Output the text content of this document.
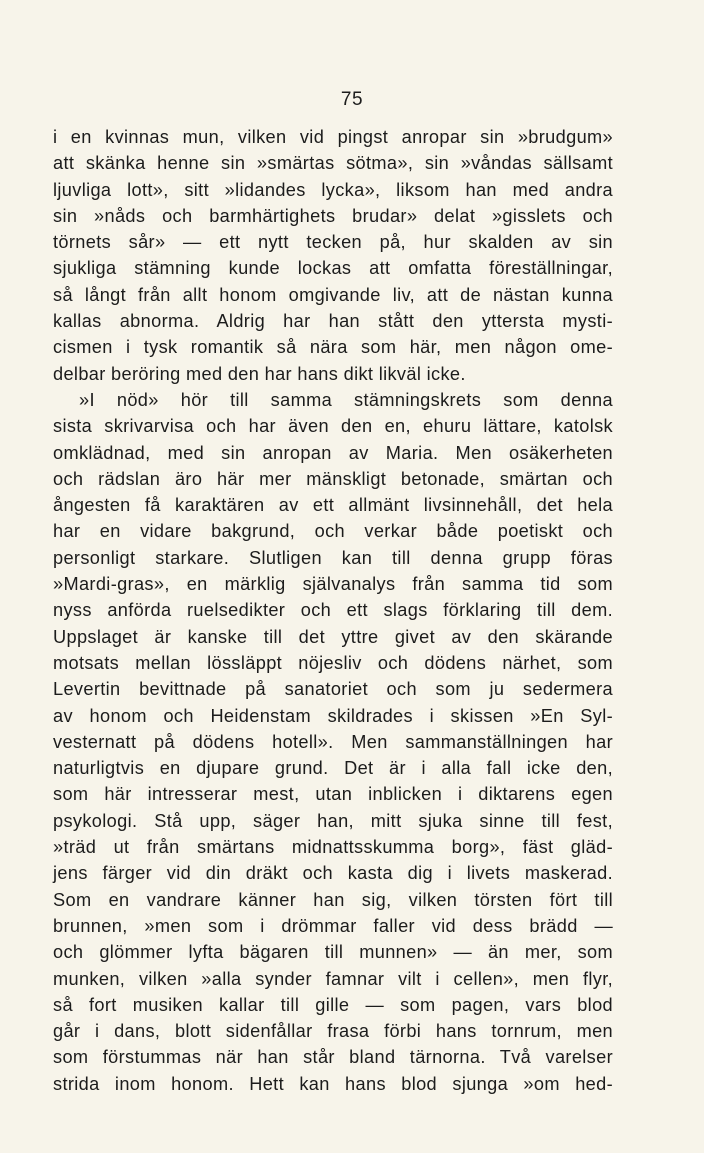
75
i en kvinnas mun, vilken vid pingst anropar sin »brudgum»
att skänka henne sin »smärtas sötma», sin »våndas sällsamt
ljuvliga lott», sitt »lidandes lycka», liksom han med andra
sin »nåds och barmhärtighets brudar» delat »gisslets och
törnets sår» — ett nytt tecken på, hur skalden av sin
sjukliga stämning kunde lockas att omfatta föreställningar,
så långt från allt honom omgivande liv, att de nästan kunna
kallas abnorma. Aldrig har han stått den yttersta mysti-
cismen i tysk romantik så nära som här, men någon ome-
delbar beröring med den har hans dikt likväl icke.
»I nöd» hör till samma stämningskrets som denna
sista skrivarvisa och har även den en, ehuru lättare, katolsk
omklädnad, med sin anropan av Maria. Men osäkerheten
och rädslan äro här mer mänskligt betonade, smärtan och
ångesten få karaktären av ett allmänt livsinnehåll, det hela
har en vidare bakgrund, och verkar både poetiskt och
personligt starkare. Slutligen kan till denna grupp föras
»Mardi-gras», en märklig självanalys från samma tid som
nyss anförda ruelsedikter och ett slags förklaring till dem.
Uppslaget är kanske till det yttre givet av den skärande
motsats mellan lössläppt nöjesliv och dödens närhet, som
Levertin bevittnade på sanatoriet och som ju sedermera
av honom och Heidenstam skildrades i skissen »En Syl-
vesternatt på dödens hotell». Men sammanställningen har
naturligtvis en djupare grund. Det är i alla fall icke den,
som här intresserar mest, utan inblicken i diktarens egen
psykologi. Stå upp, säger han, mitt sjuka sinne till fest,
»träd ut från smärtans midnattsskumma borg», fäst gläd-
jens färger vid din dräkt och kasta dig i livets maskerad.
Som en vandrare känner han sig, vilken törsten fört till
brunnen, »men som i drömmar faller vid dess brädd —
och glömmer lyfta bägaren till munnen» — än mer, som
munken, vilken »alla synder famnar vilt i cellen», men flyr,
så fort musiken kallar till gille — som pagen, vars blod
går i dans, blott sidenfållar frasa förbi hans tornrum, men
som förstummas när han står bland tärnorna. Två varelser
strida inom honom. Hett kan hans blod sjunga »om hed-
